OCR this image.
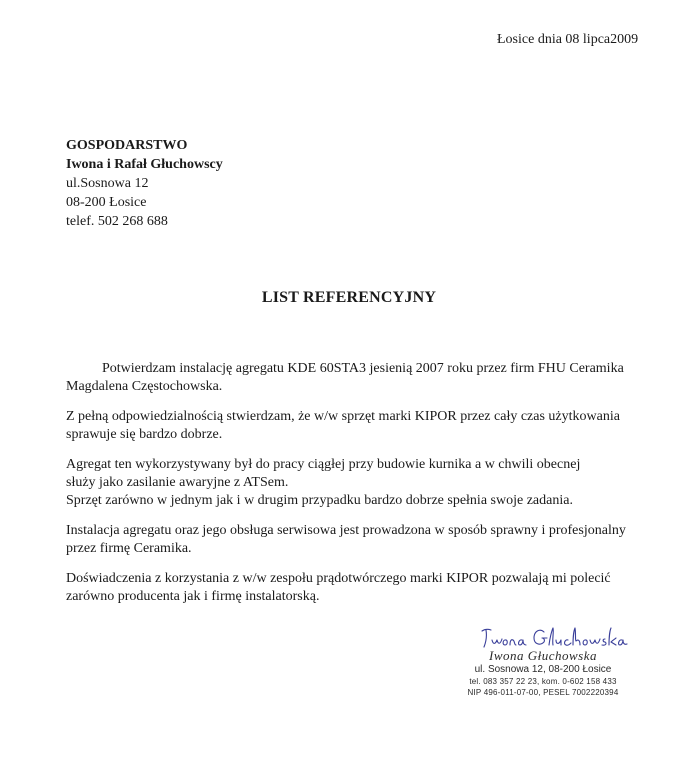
Łosice dnia 08 lipca2009
GOSPODARSTWO
Iwona i Rafał Głuchowscy
ul.Sosnowa 12
08-200 Łosice
telef. 502 268 688
LIST REFERENCYJNY
Potwierdzam instalację agregatu KDE 60STA3 jesienią 2007 roku przez firm FHU Ceramika
Magdalena Częstochowska.
Z pełną odpowiedzialnością stwierdzam, że w/w sprzęt marki KIPOR przez cały czas użytkowania
sprawuje się bardzo dobrze.
Agregat ten wykorzystywany był do pracy ciągłej przy budowie kurnika a w chwili obecnej
służy jako zasilanie awaryjne z ATSem.
Sprzęt zarówno w jednym jak i w drugim przypadku bardzo dobrze spełnia swoje zadania.
Instalacja agregatu oraz jego obsługa serwisowa jest prowadzona w sposób sprawny i profesjonalny
przez firmę Ceramika.
Doświadczenia z korzystania z w/w zespołu prądotwórczego marki KIPOR pozwalają mi polecić
zarówno producenta jak i firmę instalatorską.
Iwona Głuchowska
ul. Sosnowa 12, 08-200 Łosice
tel. 083 357 22 23, kom. 0-602 158 433
NIP 496-011-07-00, PESEL 7002220394
